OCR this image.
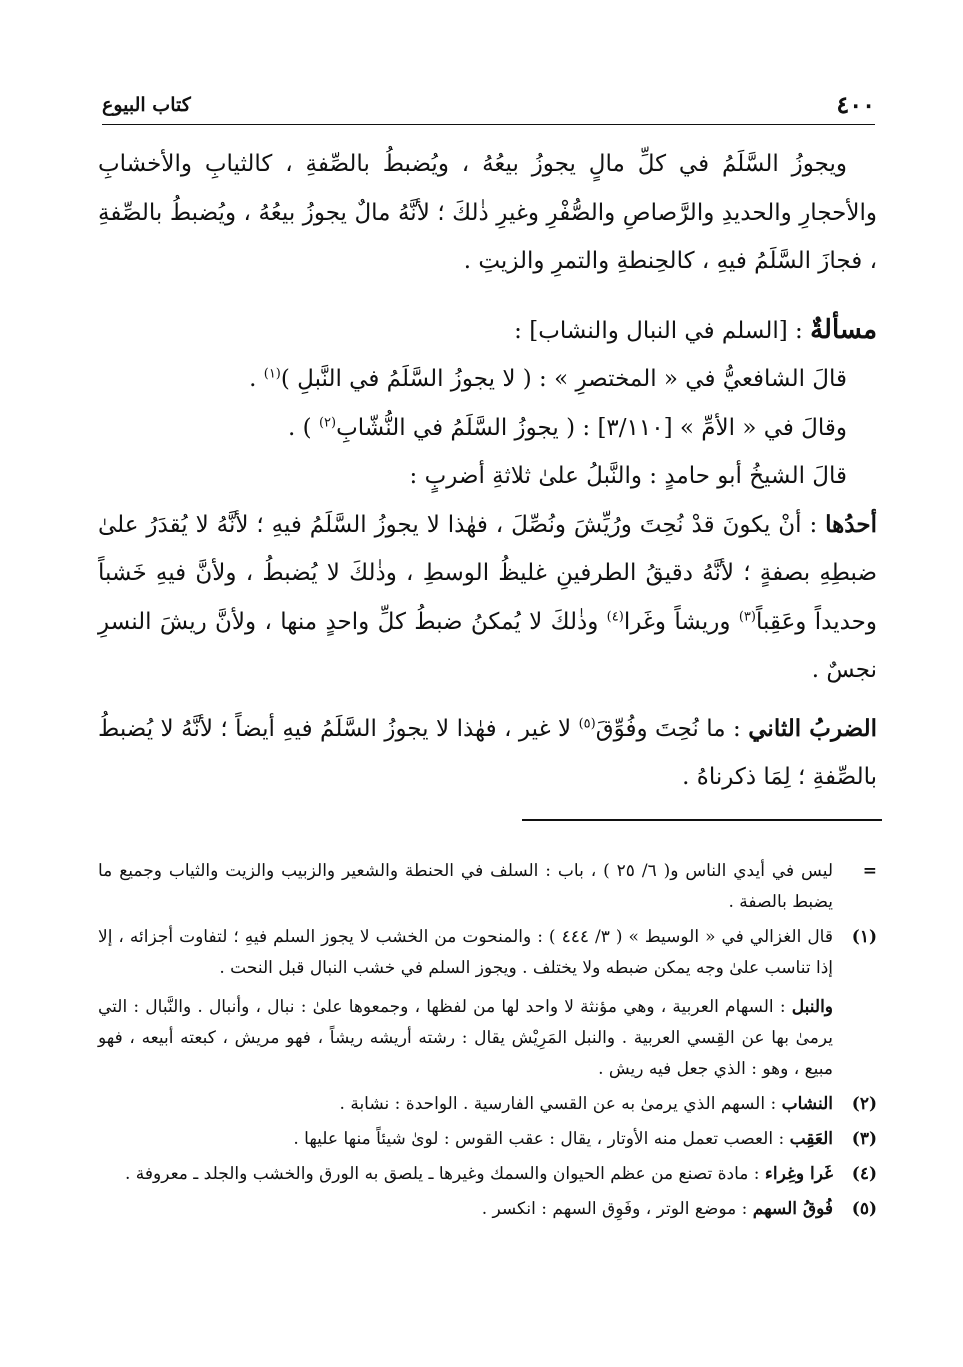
٤٠٠
كتاب البيوع

ويجوزُ السَّلَمُ في كلِّ مالٍ يجوزُ بيعُهُ ، ويُضبطُ بالصِّفةِ ، كالثيابِ والأخشابِ والأحجارِ والحديدِ والرَّصاصِ والصُّفْرِ وغيرِ ذٰلكَ ؛ لأنَّهُ مالٌ يجوزُ بيعُهُ ، ويُضبطُ بالصِّفةِ ، فجازَ السَّلَمُ فيهِ ، كالحِنطةِ والتمرِ والزيتِ .

مسألةٌ : [السلم في النبال والنشاب] :

قالَ الشافعيُّ في « المختصرِ » : ( لا يجوزُ السَّلَمُ في النَّبلِ )$^{(١)}$ .

وقالَ في « الأمِّ » [٣/١١٠] : ( يجوزُ السَّلَمُ في النُّشّابِ$^{(٢)}$ ) .

قالَ الشيخُ أبو حامدٍ : والنَّبلُ علىٰ ثلاثةِ أضربٍ :

أحدُها : أنْ يكونَ قدْ نُحِتَ ورُيِّشَ ونُصِّلَ ، فهٰذا لا يجوزُ السَّلَمُ فيهِ ؛ لأنَّهُ لا يُقدَرُ علىٰ ضبطِهِ بصفةٍ ؛ لأنَّهُ دقيقُ الطرفينِ غليظُ الوسطِ ، وذٰلكَ لا يُضبطُ ، ولأنَّ فيهِ خَشباً وحديداً وعَقِباً$^{(٣)}$ وريشاً وغَرا$^{(٤)}$ وذٰلكَ لا يُمكنُ ضبطُ كلِّ واحدٍ منها ، ولأنَّ ريشَ النسرِ نجسٌ .

الضربُ الثاني : ما نُحِتَ وفُوِّقَ$^{(٥)}$ لا غير ، فهٰذا لا يجوزُ السَّلَمُ فيهِ أيضاً ؛ لأنَّهُ لا يُضبطُ بالصِّفةِ ؛ لِمَا ذكرناهُ .

=
ليس في أيدي الناس و( ٦/ ٢٥ ) ، باب : السلف في الحنطة والشعير والزبيب والزيت والثياب وجميع ما يضبط بالصفة .
(١)
قال الغزالي في « الوسيط » ( ٣/ ٤٤٤ ) : والمنحوت من الخشب لا يجوز السلم فيهِ ؛ لتفاوت أجزائه ، إلا إذا تناسب علىٰ وجه يمكن ضبطه ولا يختلف . ويجوز السلم في خشب النبال قبل النحت .
والنبل : السهام العربية ، وهي مؤنثة لا واحد لها من لفظها ، وجمعوها علىٰ : نبال ، وأنبال . والنَّبال : التي يرمىٰ بها عن القِسي العربية . والنبل المَرِيْش يقال : رشته أريشه ريشاً ، فهو مريش ، كبعته أبيعه ، فهو مبيع ، وهو : الذي جعل فيه ريش .
(٢)
النشاب : السهم الذي يرمىٰ به عن القسي الفارسية . الواحدة : نشابة .
(٣)
العَقِب : العصب تعمل منه الأوتار ، يقال : عقب القوس : لوىٰ شيئاً منها عليها .
(٤)
غَرا وغِراء : مادة تصنع من عظم الحيوان والسمك وغيرها ـ يلصق به الورق والخشب والجلد ـ معروفة .
(٥)
فُوقُ السهم : موضع الوتر ، وفَوِق السهم : انكسر .
